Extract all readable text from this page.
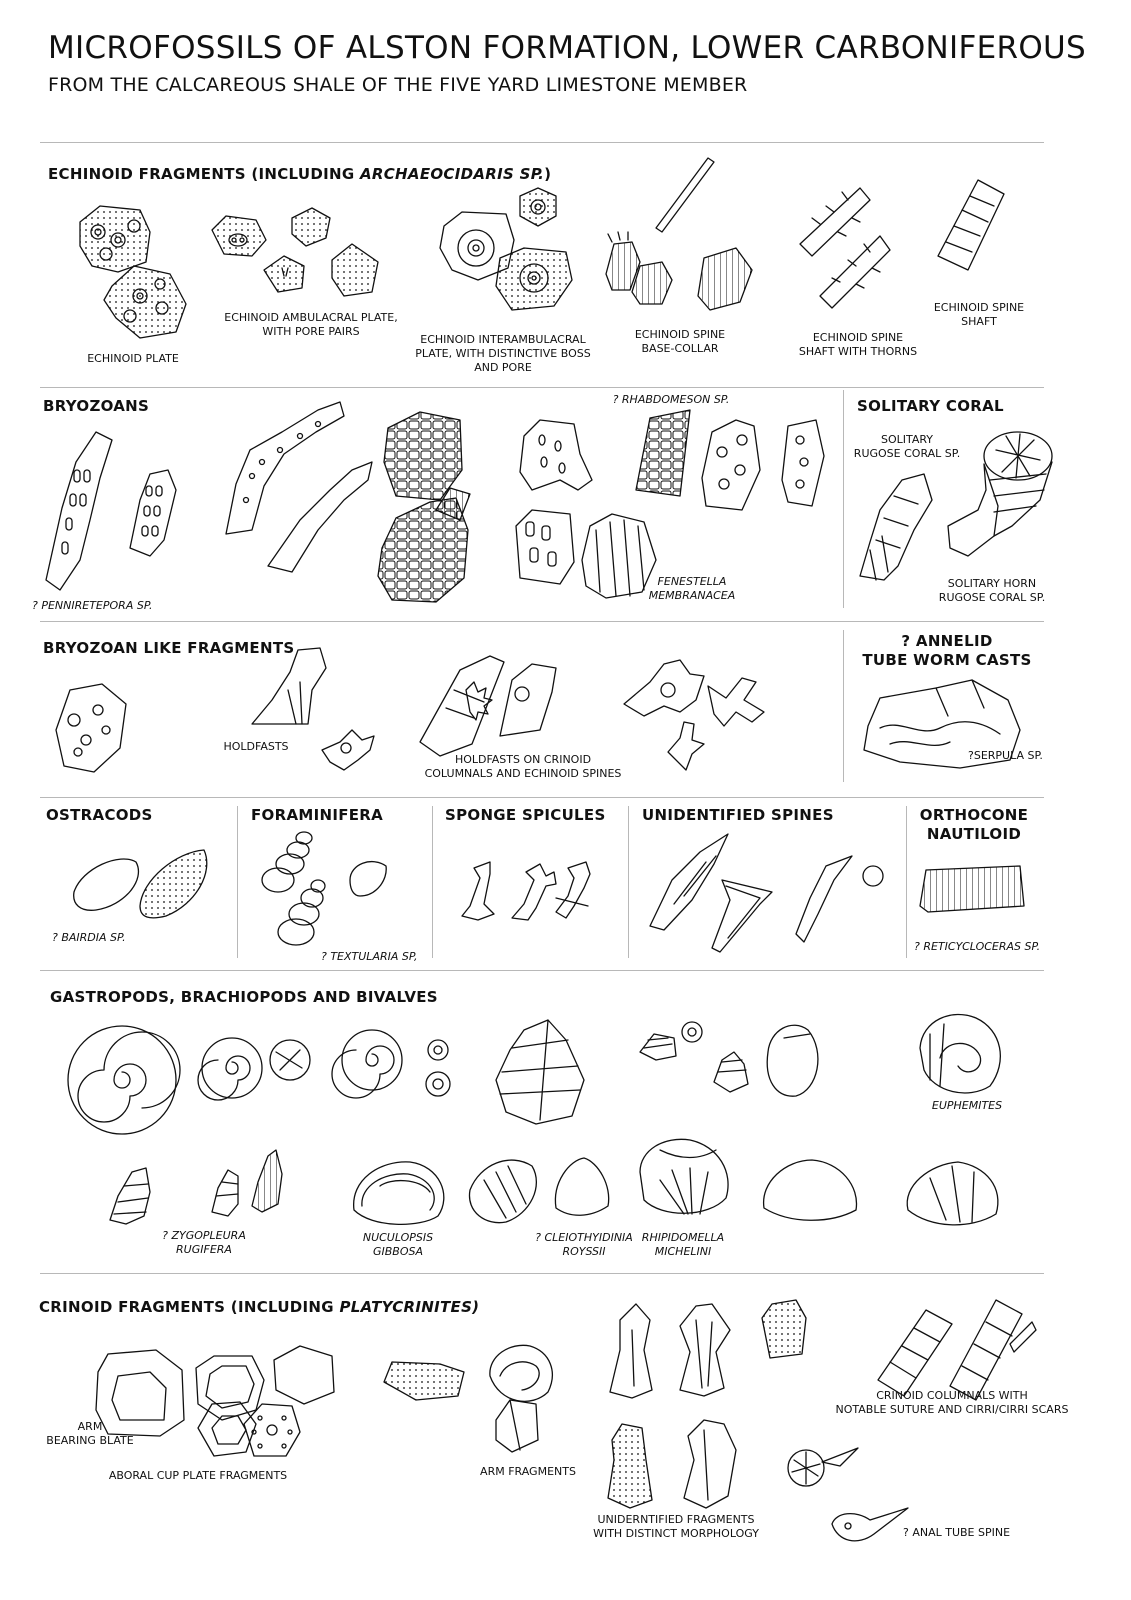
MICROFOSSILS OF ALSTON FORMATION, LOWER CARBONIFEROUS
FROM THE CALCAREOUS SHALE OF THE FIVE YARD LIMESTONE MEMBER
ECHINOID FRAGMENTS (INCLUDING ARCHAEOCIDARIS SP.)
ECHINOID PLATE
ECHINOID AMBULACRAL PLATE,
WITH PORE PAIRS
ECHINOID INTERAMBULACRAL
PLATE, WITH DISTINCTIVE BOSS
AND PORE
ECHINOID SPINE
BASE-COLLAR
ECHINOID SPINE
SHAFT WITH THORNS
ECHINOID SPINE
SHAFT
BRYOZOANS
? PENNIRETEPORA SP.
? RHABDOMESON SP.
FENESTELLA
MEMBRANACEA
SOLITARY CORAL
SOLITARY
RUGOSE CORAL SP.
SOLITARY HORN
RUGOSE CORAL SP.
BRYOZOAN LIKE FRAGMENTS
HOLDFASTS
HOLDFASTS ON CRINOID
COLUMNALS AND ECHINOID SPINES
? ANNELID
TUBE WORM CASTS
?SERPULA SP.
OSTRACODS
? BAIRDIA SP.
FORAMINIFERA
? TEXTULARIA SP,
SPONGE SPICULES UNIDENTIFIED SPINES	ORTHOCONE
NAUTILOID
? RETICYCLOCERAS SP.
GASTROPODS, BRACHIOPODS AND BIVALVES
EUPHEMITES
? ZYGOPLEURA
RUGIFERA
NUCULOPSIS
GIBBOSA
? CLEIOTHYIDINIA
ROYSSII
RHIPIDOMELLA
MICHELINI
CRINOID FRAGMENTS (INCLUDING PLATYCRINITES)
ARM
BEARING BLATE
ABORAL CUP PLATE FRAGMENTS	ARM FRAGMENTS
CRINOID COLUMNALS WITH
NOTABLE SUTURE AND CIRRI/CIRRI SCARS
UNIDERNTIFIED FRAGMENTS
WITH DISTINCT MORPHOLOGY	? ANAL TUBE SPINE
